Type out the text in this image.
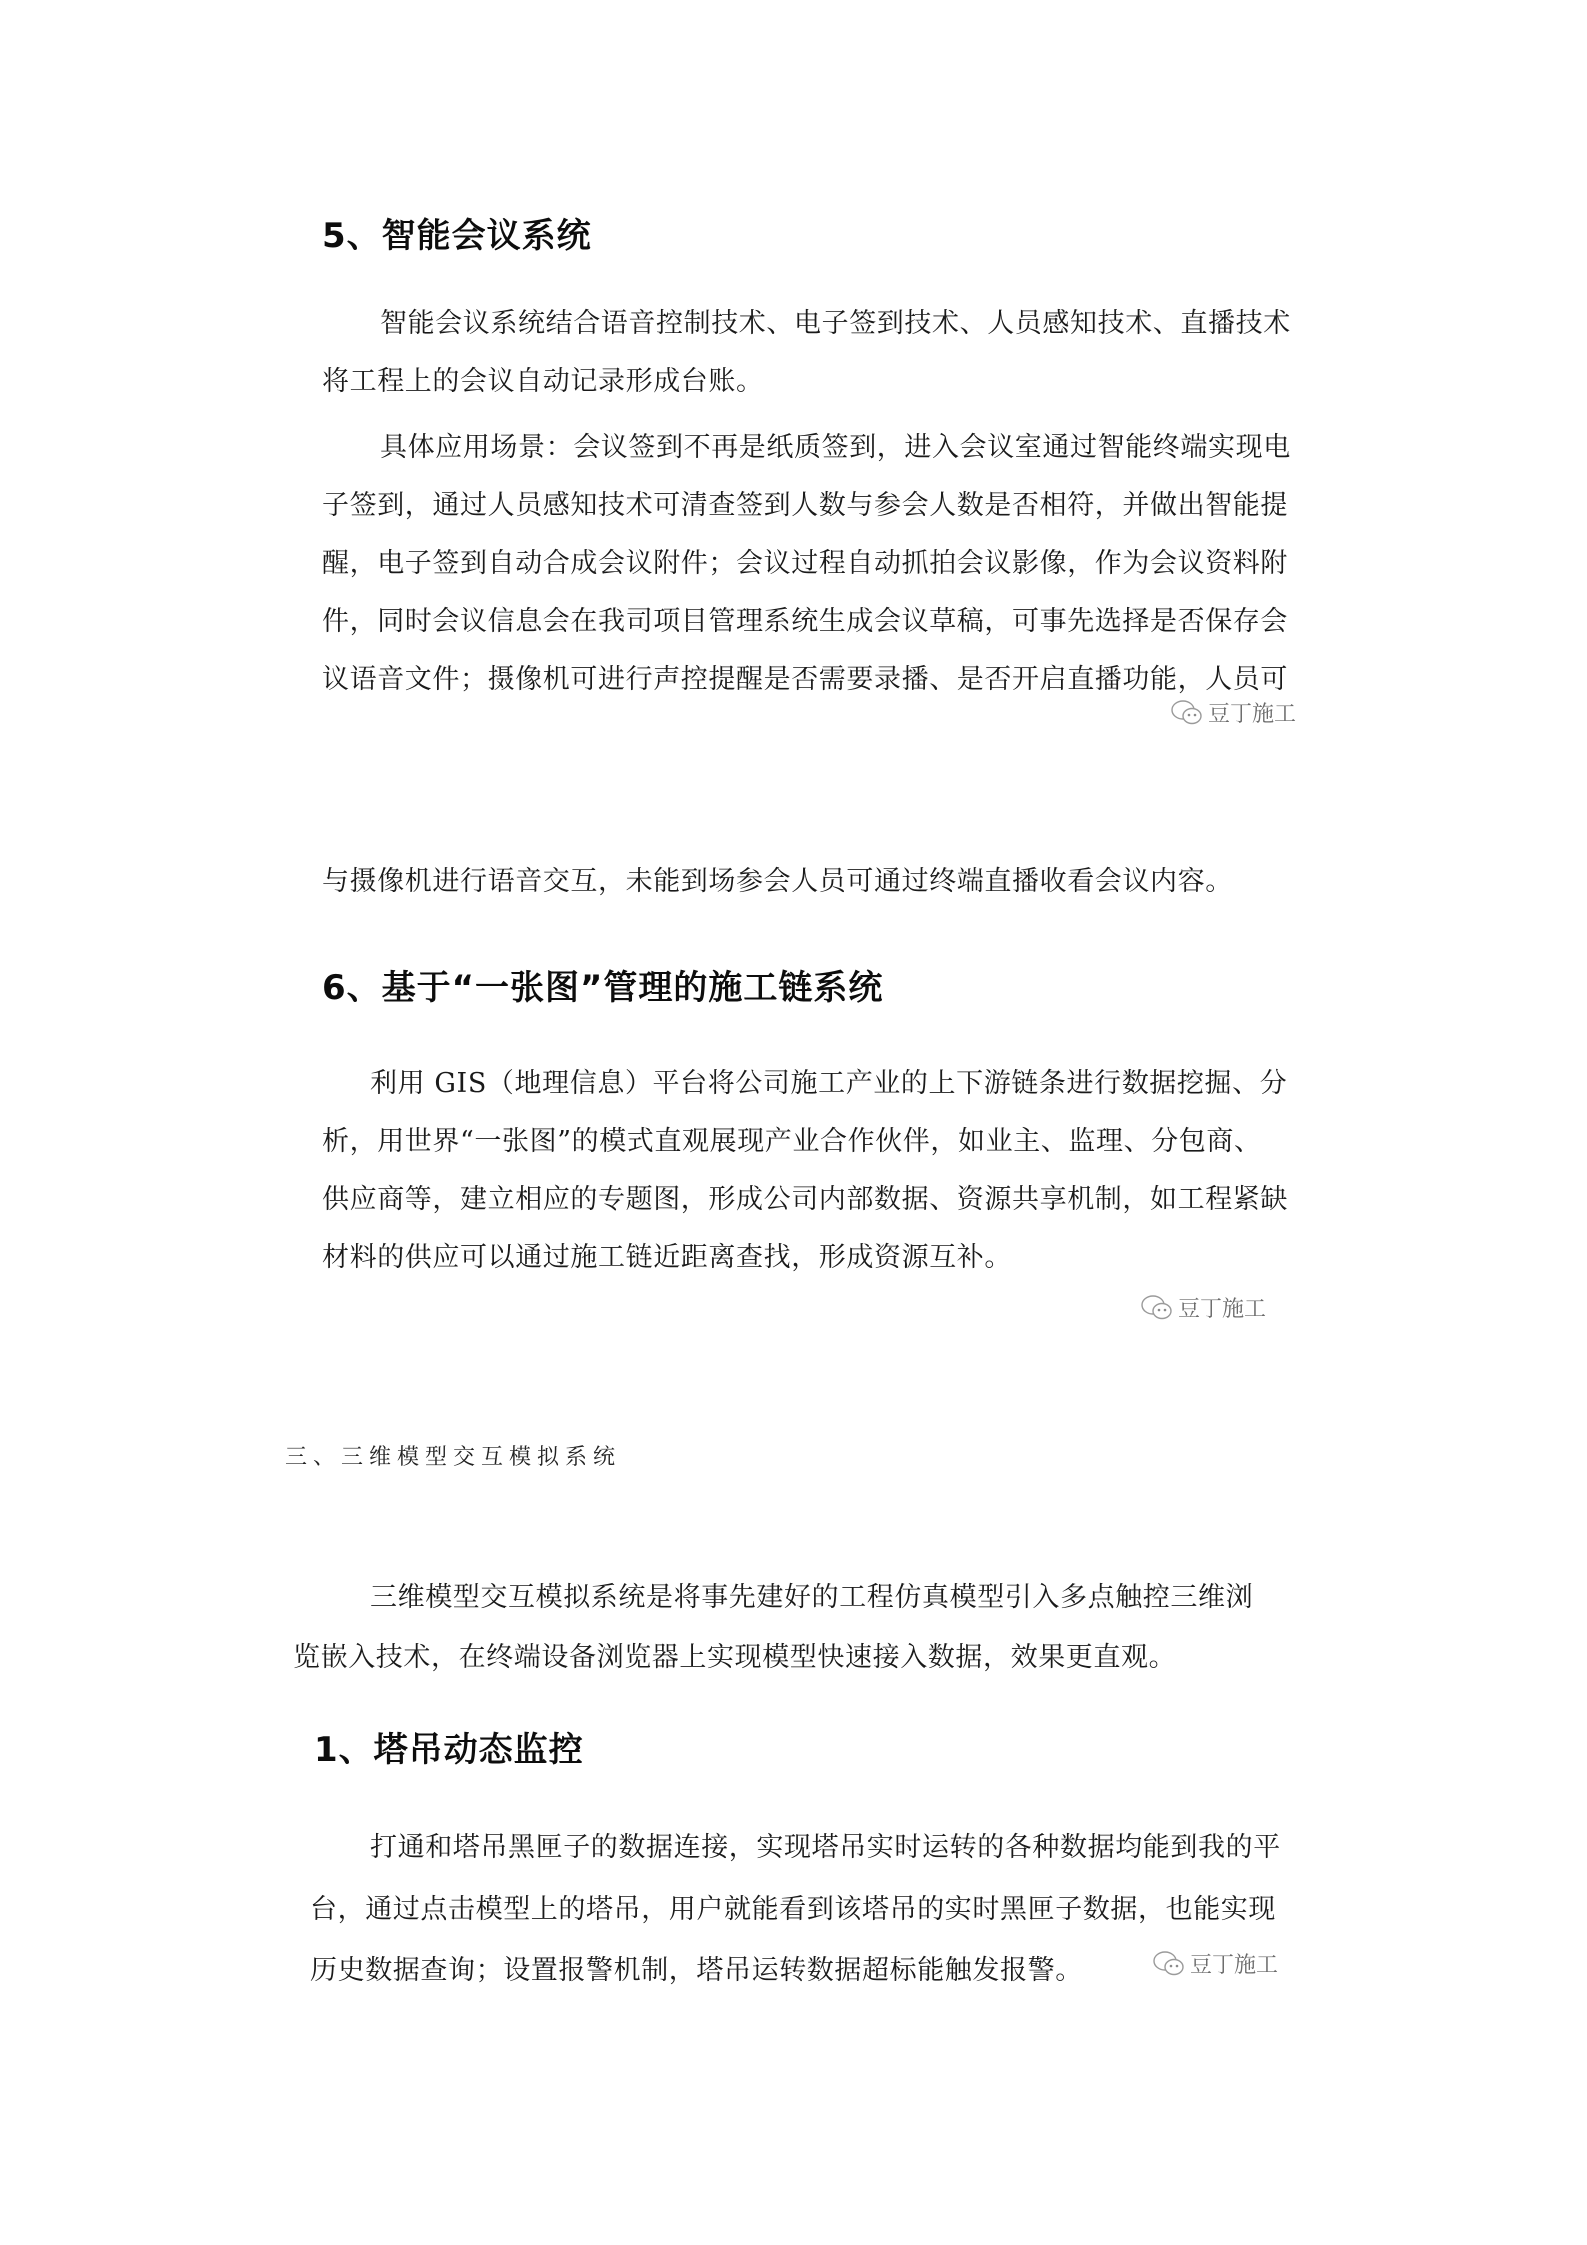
5、智能会议系统
智能会议系统结合语音控制技术、电子签到技术、人员感知技术、直播技术
将工程上的会议自动记录形成台账。
具体应用场景：会议签到不再是纸质签到，进入会议室通过智能终端实现电
子签到，通过人员感知技术可清查签到人数与参会人数是否相符，并做出智能提
醒，电子签到自动合成会议附件；会议过程自动抓拍会议影像，作为会议资料附
件，同时会议信息会在我司项目管理系统生成会议草稿，可事先选择是否保存会
议语音文件；摄像机可进行声控提醒是否需要录播、是否开启直播功能，人员可
与摄像机进行语音交互，未能到场参会人员可通过终端直播收看会议内容。
豆丁施工
6、基于“一张图”管理的施工链系统
利用 GIS（地理信息）平台将公司施工产业的上下游链条进行数据挖掘、分
析，用世界“一张图”的模式直观展现产业合作伙伴，如业主、监理、分包商、
供应商等，建立相应的专题图，形成公司内部数据、资源共享机制，如工程紧缺
材料的供应可以通过施工链近距离查找，形成资源互补。
豆丁施工
三、三维模型交互模拟系统
三维模型交互模拟系统是将事先建好的工程仿真模型引入多点触控三维浏
览嵌入技术，在终端设备浏览器上实现模型快速接入数据，效果更直观。
1、塔吊动态监控
打通和塔吊黑匣子的数据连接，实现塔吊实时运转的各种数据均能到我的平
台，通过点击模型上的塔吊，用户就能看到该塔吊的实时黑匣子数据，也能实现
历史数据查询；设置报警机制，塔吊运转数据超标能触发报警。	豆丁施工
